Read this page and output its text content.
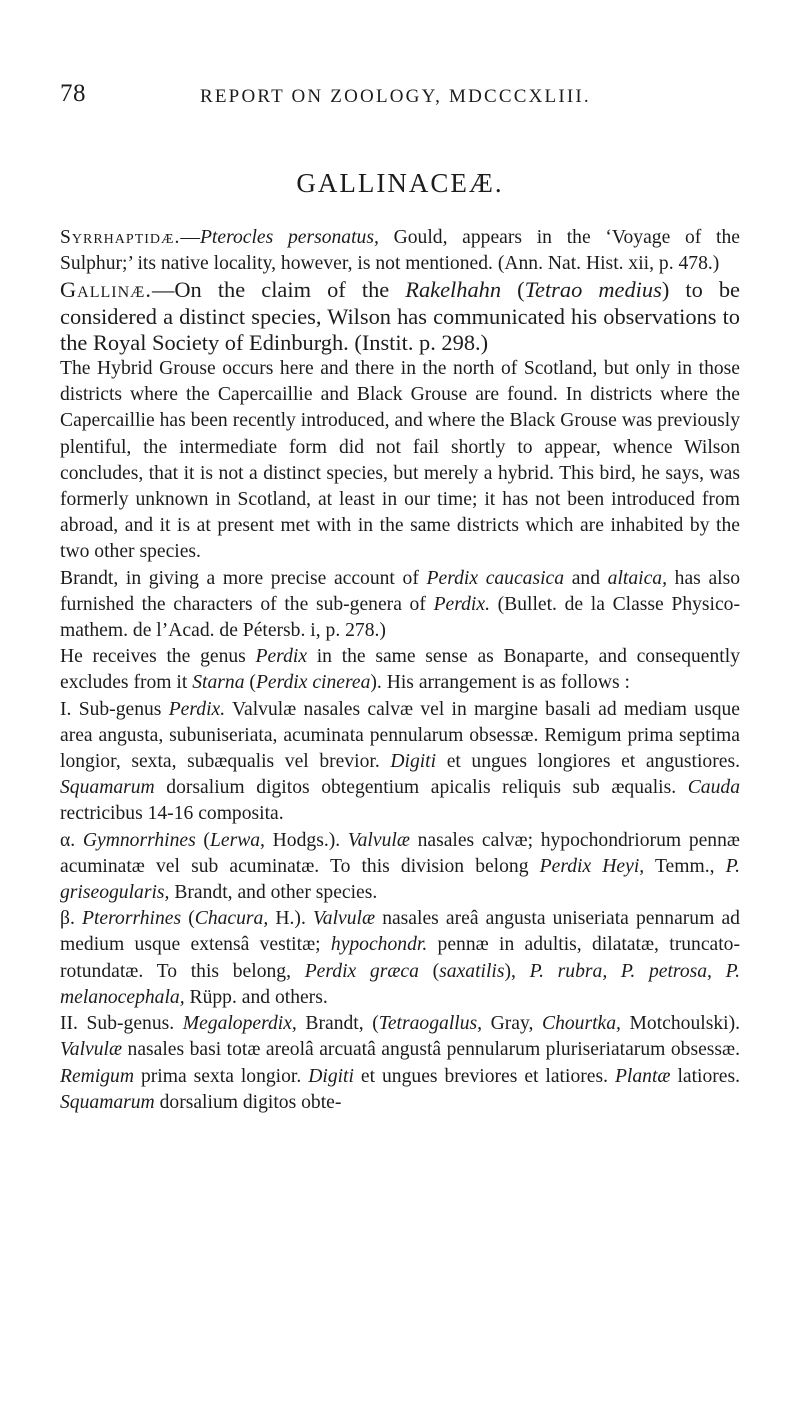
78	REPORT ON ZOOLOGY, MDCCCXLIII.
GALLINACEÆ.

Syrrhaptidæ.—Pterocles personatus, Gould, appears in the ‘Voyage of the Sulphur;’ its native locality, however, is not mentioned. (Ann. Nat. Hist. xii, p. 478.)

Gallinæ.—On the claim of the Rakelhahn (Tetrao medius) to be considered a distinct species, Wilson has communicated his observations to the Royal Society of Edinburgh. (Instit. p. 298.)

The Hybrid Grouse occurs here and there in the north of Scotland, but only in those districts where the Capercaillie and Black Grouse are found. In districts where the Capercaillie has been recently introduced, and where the Black Grouse was previously plentiful, the intermediate form did not fail shortly to appear, whence Wilson concludes, that it is not a distinct species, but merely a hybrid. This bird, he says, was formerly unknown in Scotland, at least in our time; it has not been introduced from abroad, and it is at present met with in the same districts which are inhabited by the two other species.

Brandt, in giving a more precise account of Perdix caucasica and altaica, has also furnished the characters of the sub-genera of Perdix. (Bullet. de la Classe Physico-mathem. de l’Acad. de Pétersb. i, p. 278.)

He receives the genus Perdix in the same sense as Bonaparte, and consequently excludes from it Starna (Perdix cinerea). His arrangement is as follows :

I. Sub-genus Perdix. Valvulæ nasales calvæ vel in margine basali ad mediam usque area angusta, subuniseriata, acuminata pennularum obsessæ. Remigum prima septima longior, sexta, subæqualis vel brevior. Digiti et ungues longiores et angustiores. Squamarum dorsalium digitos obtegentium apicalis reliquis sub æqualis. Cauda rectricibus 14-16 composita.

α. Gymnorrhines (Lerwa, Hodgs.). Valvulæ nasales calvæ; hypochondriorum pennæ acuminatæ vel sub acuminatæ. To this division belong Perdix Heyi, Temm., P. griseogularis, Brandt, and other species.

β. Pterorrhines (Chacura, H.). Valvulæ nasales areâ angusta uniseriata pennarum ad medium usque extensâ vestitæ; hypochondr. pennæ in adultis, dilatatæ, truncato-rotundatæ. To this belong, Perdix græca (saxatilis), P. rubra, P. petrosa, P. melanocephala, Rüpp. and others.

II. Sub-genus. Megaloperdix, Brandt, (Tetraogallus, Gray, Chourtka, Motchoulski). Valvulæ nasales basi totæ areolâ arcuatâ angustâ pennularum pluriseriatarum obsessæ. Remigum prima sexta longior. Digiti et ungues breviores et latiores. Plantæ latiores. Squamarum dorsalium digitos obte-
